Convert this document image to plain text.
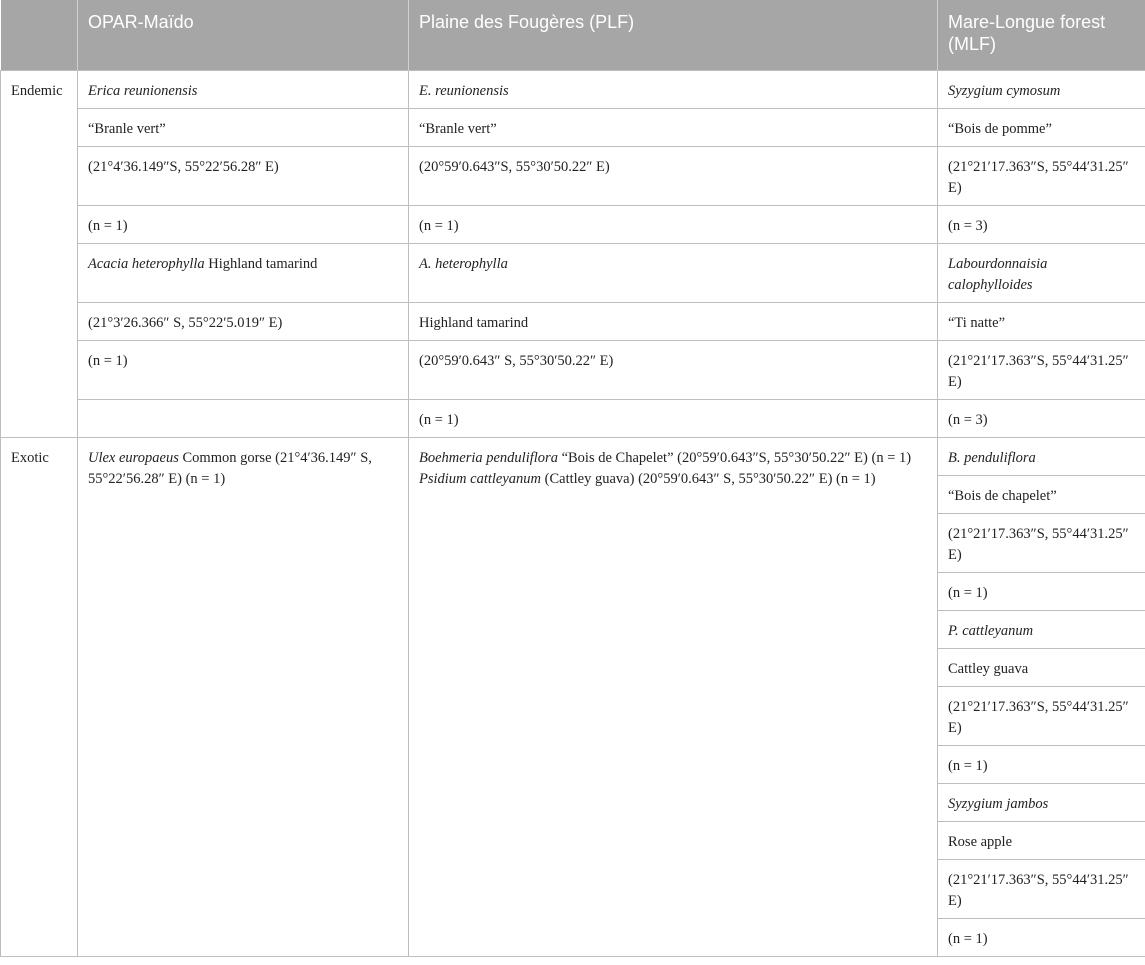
	OPAR-Maïdo	Plaine des Fougères (PLF)	Mare-Longue forest (MLF)
Endemic	Erica reunionensis	E. reunionensis	Syzygium cymosum
	“Branle vert”	“Branle vert”	“Bois de pomme”
	(21°4′36.149″S, 55°22′56.28″ E)	(20°59′0.643″S, 55°30′50.22″ E)	(21°21′17.363″S, 55°44′31.25″ E)
	(n = 1)	(n = 1)	(n = 3)
	Acacia heterophylla Highland tamarind	A. heterophylla	Labourdonnaisia calophylloides
	(21°3′26.366″ S, 55°22′5.019″ E)	Highland tamarind	“Ti natte”
	(n = 1)	(20°59′0.643″ S, 55°30′50.22″ E)	(21°21′17.363″S, 55°44′31.25″ E)
		(n = 1)	(n = 3)
Exotic	Ulex europaeus Common gorse (21°4′36.149″ S, 55°22′56.28″ E) (n = 1)	Boehmeria penduliflora “Bois de Chapelet” (20°59′0.643″S, 55°30′50.22″ E) (n = 1) Psidium cattleyanum (Cattley guava) (20°59′0.643″ S, 55°30′50.22″ E) (n = 1)	B. penduliflora
			“Bois de chapelet”
			(21°21′17.363″S, 55°44′31.25″ E)
			(n = 1)
			P. cattleyanum
			Cattley guava
			(21°21′17.363″S, 55°44′31.25″ E)
			(n = 1)
			Syzygium jambos
			Rose apple
			(21°21′17.363″S, 55°44′31.25″ E)
			(n = 1)
